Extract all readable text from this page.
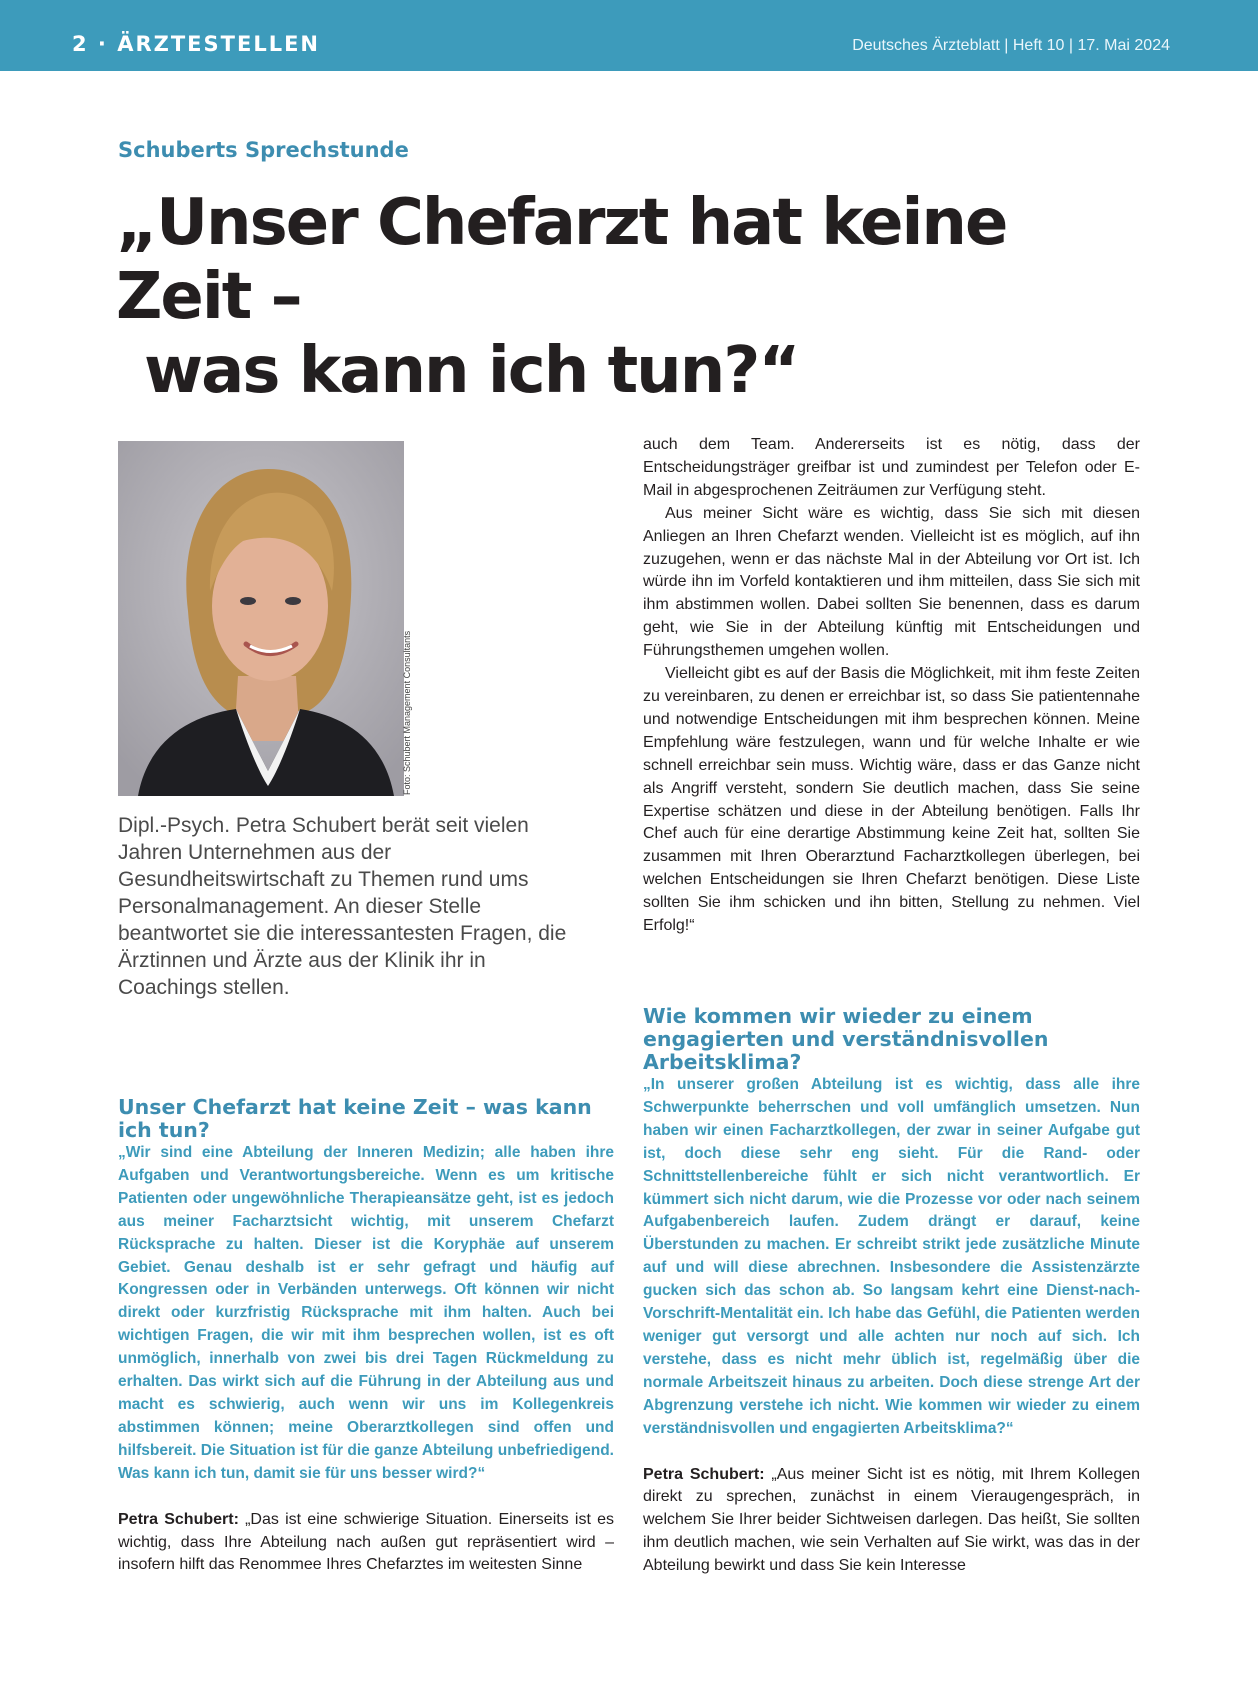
2 · ÄRZTESTELLEN	Deutsches Ärzteblatt | Heft 10 | 17. Mai 2024
Schuberts Sprechstunde
„Unser Chefarzt hat keine Zeit –
was kann ich tun?“
Foto: Schubert Management Consultants

Dipl.-Psych. Petra Schubert berät seit vielen Jahren Unternehmen aus der Gesundheitswirtschaft zu Themen rund ums Personalmanagement. An dieser Stelle beantwortet sie die interessantesten Fragen, die Ärztinnen und Ärzte aus der Klinik ihr in Coachings stellen.

Unser Chefarzt hat keine Zeit – was kann ich tun?

„Wir sind eine Abteilung der Inneren Medizin; alle haben ihre Aufgaben und Verantwortungsbereiche. Wenn es um kritische Patienten oder ungewöhnliche Therapieansätze geht, ist es jedoch aus meiner Facharztsicht wichtig, mit unserem Chefarzt Rücksprache zu halten. Dieser ist die Koryphäe auf unserem Gebiet. Genau deshalb ist er sehr gefragt und häufig auf Kongressen oder in Verbänden unterwegs. Oft können wir nicht direkt oder kurzfristig Rücksprache mit ihm halten. Auch bei wichtigen Fragen, die wir mit ihm besprechen wollen, ist es oft unmöglich, innerhalb von zwei bis drei Tagen Rückmeldung zu erhalten. Das wirkt sich auf die Führung in der Abteilung aus und macht es schwierig, auch wenn wir uns im Kollegenkreis abstimmen können; meine Oberarztkollegen sind offen und hilfsbereit. Die Situation ist für die ganze Abteilung unbefriedigend. Was kann ich tun, damit sie für uns besser wird?“

Petra Schubert: „Das ist eine schwierige Situation. Einerseits ist es wichtig, dass Ihre Abteilung nach außen gut repräsentiert wird – insofern hilft das Renommee Ihres Chefarztes im weitesten Sinne

auch dem Team. Andererseits ist es nötig, dass der Entscheidungsträger greifbar ist und zumindest per Telefon oder E-Mail in abgesprochenen Zeiträumen zur Verfügung steht.

Aus meiner Sicht wäre es wichtig, dass Sie sich mit diesen Anliegen an Ihren Chefarzt wenden. Vielleicht ist es möglich, auf ihn zuzugehen, wenn er das nächste Mal in der Abteilung vor Ort ist. Ich würde ihn im Vorfeld kontaktieren und ihm mitteilen, dass Sie sich mit ihm abstimmen wollen. Dabei sollten Sie benennen, dass es darum geht, wie Sie in der Abteilung künftig mit Entscheidungen und Führungsthemen umgehen wollen.

Vielleicht gibt es auf der Basis die Möglichkeit, mit ihm feste Zeiten zu vereinbaren, zu denen er erreichbar ist, so dass Sie patientennahe und notwendige Entscheidungen mit ihm besprechen können. Meine Empfehlung wäre festzulegen, wann und für welche Inhalte er wie schnell erreichbar sein muss. Wichtig wäre, dass er das Ganze nicht als Angriff versteht, sondern Sie deutlich machen, dass Sie seine Expertise schätzen und diese in der Abteilung benötigen. Falls Ihr Chef auch für eine derartige Abstimmung keine Zeit hat, sollten Sie zusammen mit Ihren Oberarztund Facharztkollegen überlegen, bei welchen Entscheidungen sie Ihren Chefarzt benötigen. Diese Liste sollten Sie ihm schicken und ihn bitten, Stellung zu nehmen. Viel Erfolg!“

Wie kommen wir wieder zu einem engagierten und verständnisvollen Arbeitsklima?

„In unserer großen Abteilung ist es wichtig, dass alle ihre Schwerpunkte beherrschen und voll umfänglich umsetzen. Nun haben wir einen Facharztkollegen, der zwar in seiner Aufgabe gut ist, doch diese sehr eng sieht. Für die Rand- oder Schnittstellenbereiche fühlt er sich nicht verantwortlich. Er kümmert sich nicht darum, wie die Prozesse vor oder nach seinem Aufgabenbereich laufen. Zudem drängt er darauf, keine Überstunden zu machen. Er schreibt strikt jede zusätzliche Minute auf und will diese abrechnen. Insbesondere die Assistenzärzte gucken sich das schon ab. So langsam kehrt eine Dienst-nach-Vorschrift-Mentalität ein. Ich habe das Gefühl, die Patienten werden weniger gut versorgt und alle achten nur noch auf sich. Ich verstehe, dass es nicht mehr üblich ist, regelmäßig über die normale Arbeitszeit hinaus zu arbeiten. Doch diese strenge Art der Abgrenzung verstehe ich nicht. Wie kommen wir wieder zu einem verständnisvollen und engagierten Arbeitsklima?“

Petra Schubert: „Aus meiner Sicht ist es nötig, mit Ihrem Kollegen direkt zu sprechen, zunächst in einem Vieraugengespräch, in welchem Sie Ihrer beider Sichtweisen darlegen. Das heißt, Sie sollten ihm deutlich machen, wie sein Verhalten auf Sie wirkt, was das in der Abteilung bewirkt und dass Sie kein Interesse
